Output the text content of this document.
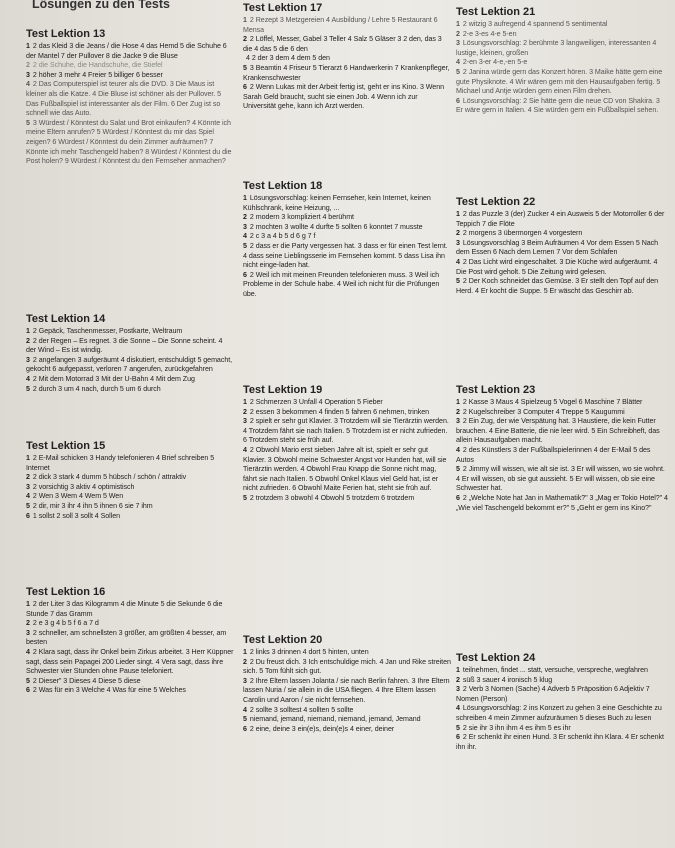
Lösungen zu den Tests
Test Lektion 13

1 2 das Kleid 3 die Jeans / die Hose 4 das Hemd 5 die Schuhe 6 der Mantel 7 der Pullover 8 die Jacke 9 die Bluse

2 2 die Schuhe, die Handschuhe, die Stiefel

3 2 höher 3 mehr 4 Freier 5 billiger 6 besser

4 2 Das Computerspiel ist teurer als die DVD. 3 Die Maus ist kleiner als die Katze. 4 Die Bluse ist schöner als der Pullover. 5 Das Fußballspiel ist interessanter als der Film. 6 Der Zug ist so schnell wie das Auto.

5 3 Würdest / Könntest du Salat und Brot einkaufen? 4 Könnte ich meine Eltern anrufen? 5 Würdest / Könntest du mir das Spiel zeigen? 6 Würdest / Könntest du dein Zimmer aufräumen? 7 Könnte ich mehr Taschengeld haben? 8 Würdest / Könntest du die Post holen? 9 Würdest / Könntest du den Fernseher anmachen?

Test Lektion 14

1 2 Gepäck, Taschenmesser, Postkarte, Weltraum

2 2 der Regen – Es regnet. 3 die Sonne – Die Sonne scheint. 4 der Wind – Es ist windig.

3 2 angefangen 3 aufgeräumt 4 diskutiert, entschuldigt 5 gemacht, gekocht 6 aufgepasst, verloren 7 angerufen, zurückgefahren

4 2 Mit dem Motorrad 3 Mit der U-Bahn 4 Mit dem Zug

5 2 durch 3 um 4 nach, durch 5 um 6 durch

Test Lektion 15

1 2 E-Mail schicken 3 Handy telefonieren 4 Brief schreiben 5 Internet

2 2 dick 3 stark 4 dumm 5 hübsch / schön / attraktiv

3 2 vorsichtig 3 aktiv 4 optimistisch

4 2 Wen 3 Wem 4 Wem 5 Wen

5 2 dir, mir 3 ihr 4 ihn 5 ihnen 6 sie 7 ihm

6 1 sollst 2 soll 3 sollt 4 Sollen

Test Lektion 16

1 2 der Liter 3 das Kilogramm 4 die Minute 5 die Sekunde 6 die Stunde 7 das Gramm

2 2 e 3 g 4 b 5 f 6 a 7 d

3 2 schneller, am schnellsten 3 größer, am größten 4 besser, am besten

4 2 Klara sagt, dass ihr Onkel beim Zirkus arbeitet. 3 Herr Küppner sagt, dass sein Papagei 200 Lieder singt. 4 Vera sagt, dass ihre Schwester vier Stunden ohne Pause telefoniert.

5 2 Dieser" 3 Dieses 4 Diese 5 diese

6 2 Was für ein 3 Welche 4 Was für eine 5 Welches

Test Lektion 17

1 2 Rezept 3 Metzgereien 4 Ausbildung / Lehre 5 Restaurant 6 Mensa

2 2 Löffel, Messer, Gabel 3 Teller 4 Salz 5 Gläser 3 2 den, das 3 die 4 das 5 die 6 den

4 2 der 3 dem 4 dem 5 den

5 3 Beamtin 4 Friseur 5 Tierarzt 6 Handwerkerin 7 Krankenpfleger, Krankenschwester

6 2 Wenn Lukas mit der Arbeit fertig ist, geht er ins Kino. 3 Wenn Sarah Geld braucht, sucht sie einen Job. 4 Wenn ich zur Universität gehe, kann ich Arzt werden.

Test Lektion 18

1 Lösungsvorschlag: keinen Fernseher, kein Internet, keinen Kühlschrank, keine Heizung, ...

2 2 modern 3 kompliziert 4 berühmt

3 2 mochten 3 wollte 4 durfte 5 sollten 6 konntet 7 musste

4 2 c 3 a 4 b 5 d 6 g 7 f

5 2 dass er die Party vergessen hat. 3 dass er für einen Test lernt. 4 dass seine Lieblingsserie im Fernsehen kommt. 5 dass Lisa ihn nicht einge-laden hat.

6 2 Weil ich mit meinen Freunden telefonieren muss. 3 Weil ich Probleme in der Schule habe. 4 Weil ich nicht für die Prüfungen übe.

Test Lektion 19

1 2 Schmerzen 3 Unfall 4 Operation 5 Fieber

2 2 essen 3 bekommen 4 finden 5 fahren 6 nehmen, trinken

3 2 spielt er sehr gut Klavier. 3 Trotzdem will sie Tierärztin werden. 4 Trotzdem fährt sie nach Italien. 5 Trotzdem ist er nicht zufrieden. 6 Trotzdem steht sie früh auf.

4 2 Obwohl Mario erst sieben Jahre alt ist, spielt er sehr gut Klavier. 3 Obwohl meine Schwester Angst vor Hunden hat, will sie Tierärztin werden. 4 Obwohl Frau Knapp die Sonne nicht mag, fährt sie nach Italien. 5 Obwohl Onkel Klaus viel Geld hat, ist er nicht zufrieden. 6 Obwohl Maite Ferien hat, steht sie früh auf.

5 2 trotzdem 3 obwohl 4 Obwohl 5 trotzdem 6 trotzdem

Test Lektion 20

1 2 links 3 drinnen 4 dort 5 hinten, unten

2 2 Du freust dich. 3 Ich entschuldige mich. 4 Jan und Rike streiten sich. 5 Tom fühlt sich gut.

3 2 Ihre Eltern lassen Jolanta / sie nach Berlin fahren. 3 Ihre Eltern lassen Nuria / sie allein in die USA fliegen. 4 Ihre Eltern lassen Carolin und Aaron / sie nicht fernsehen.

4 2 sollte 3 solltest 4 sollten 5 sollte

5 niemand, jemand, niemand, niemand, jemand, Jemand

6 2 eine, deine 3 ein(e)s, dein(e)s 4 einer, deiner

Test Lektion 21

1 2 witzig 3 aufregend 4 spannend 5 sentimental

2 2-e 3-es 4-e 5-en

3 Lösungsvorschlag: 2 berühmte 3 langweiligen, interessanten 4 lustige, kleinen, großen

4 2-en 3-er 4-e,-en 5-e

5 2 Janina würde gern das Konzert hören. 3 Maike hätte gern eine gute Physiknote. 4 Wir wären gern mit den Hausaufgaben fertig. 5 Michael und Antje würden gern einen Film drehen.

6 Lösungsvorschlag: 2 Sie hätte gern die neue CD von Shakira. 3 Er wäre gern in Italien. 4 Sie würden gern ein Fußballspiel sehen.

Test Lektion 22

1 2 das Puzzle 3 (der) Zucker 4 ein Ausweis 5 der Motorroller 6 der Teppich 7 die Flöte

2 2 morgens 3 übermorgen 4 vorgestern

3 Lösungsvorschlag 3 Beim Aufräumen 4 Vor dem Essen 5 Nach dem Essen 6 Nach dem Lernen 7 Vor dem Schlafen

4 2 Das Licht wird eingeschaltet. 3 Die Küche wird aufgeräumt. 4 Die Post wird geholt. 5 Die Zeitung wird gelesen.

5 2 Der Koch schneidet das Gemüse. 3 Er stellt den Topf auf den Herd. 4 Er kocht die Suppe. 5 Er wäscht das Geschirr ab.

Test Lektion 23

1 2 Kasse 3 Maus 4 Spielzeug 5 Vogel 6 Maschine 7 Blätter

2 2 Kugelschreiber 3 Computer 4 Treppe 5 Kaugummi

3 2 Ein Zug, der wie Verspätung hat. 3 Haustiere, die kein Futter brauchen. 4 Eine Batterie, die nie leer wird. 5 Ein Schreibheft, das allein Hausaufgaben macht.

4 2 des Künstlers 3 der Fußballspielerinnen 4 der E-Mail 5 des Autos

5 2 Jimmy will wissen, wie alt sie ist. 3 Er will wissen, wo sie wohnt. 4 Er will wissen, ob sie gut aussieht. 5 Er will wissen, ob sie eine Schwester hat.

6 2 „Welche Note hat Jan in Mathematik?" 3 „Mag er Tokio Hotel?" 4 „Wie viel Taschengeld bekommt er?" 5 „Geht er gern ins Kino?"

Test Lektion 24

1 teilnehmen, findet ... statt, versuche, verspreche, wegfahren

2 süß 3 sauer 4 ironisch 5 klug

3 2 Verb 3 Nomen (Sache) 4 Adverb 5 Präposition 6 Adjektiv 7 Nomen (Person)

4 Lösungsvorschlag: 2 ins Konzert zu gehen 3 eine Geschichte zu schreiben 4 mein Zimmer aufzuräumen 5 dieses Buch zu lesen

5 2 sie ihr 3 ihn ihm 4 es ihm 5 es ihr

6 2 Er schenkt ihr einen Hund. 3 Er schenkt ihn Klara. 4 Er schenkt ihn ihr.
